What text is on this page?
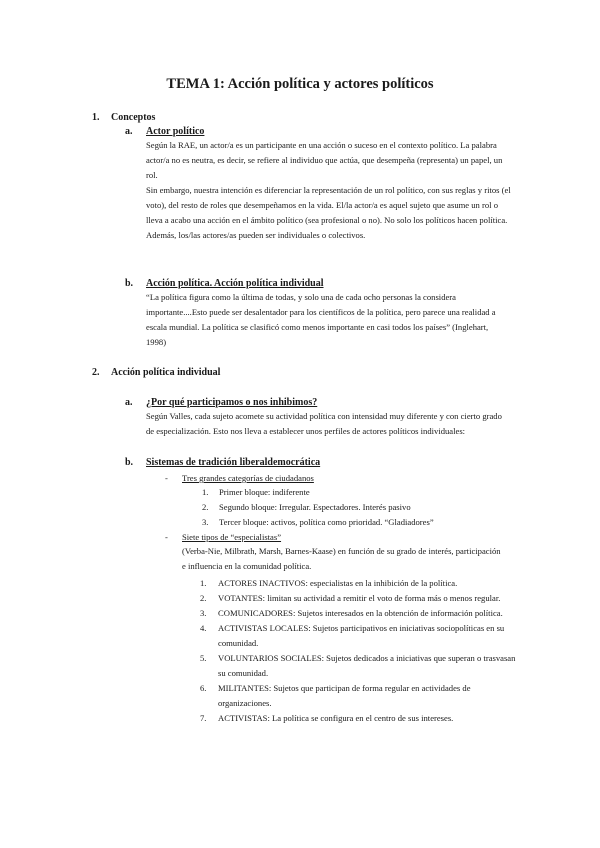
TEMA 1: Acción política y actores políticos
1. Conceptos
a. Actor político

Según la RAE, un actor/a es un participante en una acción o suceso en el contexto político. La palabra actor/a no es neutra, es decir, se refiere al individuo que actúa, que desempeña (representa) un papel, un rol.

Sin embargo, nuestra intención es diferenciar la representación de un rol político, con sus reglas y ritos (el voto), del resto de roles que desempeñamos en la vida. El/la actor/a es aquel sujeto que asume un rol o lleva a acabo una acción en el ámbito político (sea profesional o no). No solo los políticos hacen política.

Además, los/las actores/as pueden ser individuales o colectivos.

b. Acción política. Acción política individual

“La política figura como la última de todas, y solo una de cada ocho personas la considera importante....Esto puede ser desalentador para los científicos de la política, pero parece una realidad a escala mundial. La política se clasificó como menos importante en casi todos los países” (Inglehart, 1998)

2. Acción política individual
a. ¿Por qué participamos o nos inhibimos?

Según Valles, cada sujeto acomete su actividad política con intensidad muy diferente y con cierto grado de especialización. Esto nos lleva a establecer unos perfiles de actores políticos individuales:

b. Sistemas de tradición liberaldemocrática
- Tres grandes categorías de ciudadanos
1.	Primer bloque: indiferente
2.	Segundo bloque: Irregular. Espectadores. Interés pasivo
3.	Tercer bloque: activos, política como prioridad. “Gladiadores”
- Siete tipos de “especialistas”

(Verba-Nie, Milbrath, Marsh, Barnes-Kaase) en función de su grado de interés, participación e influencia en la comunidad política.

1.	ACTORES INACTIVOS: especialistas en la inhibición de la política.
2.	VOTANTES: limitan su actividad a remitir el voto de forma más o menos regular.
3.	COMUNICADORES: Sujetos interesados en la obtención de información política.
4.	ACTIVISTAS LOCALES: Sujetos participativos en iniciativas sociopolíticas en su comunidad.
5.	VOLUNTARIOS SOCIALES: Sujetos dedicados a iniciativas que superan o trasvasan su comunidad.
6.	MILITANTES: Sujetos que participan de forma regular en actividades de organizaciones.
7.	ACTIVISTAS: La política se configura en el centro de sus intereses.
